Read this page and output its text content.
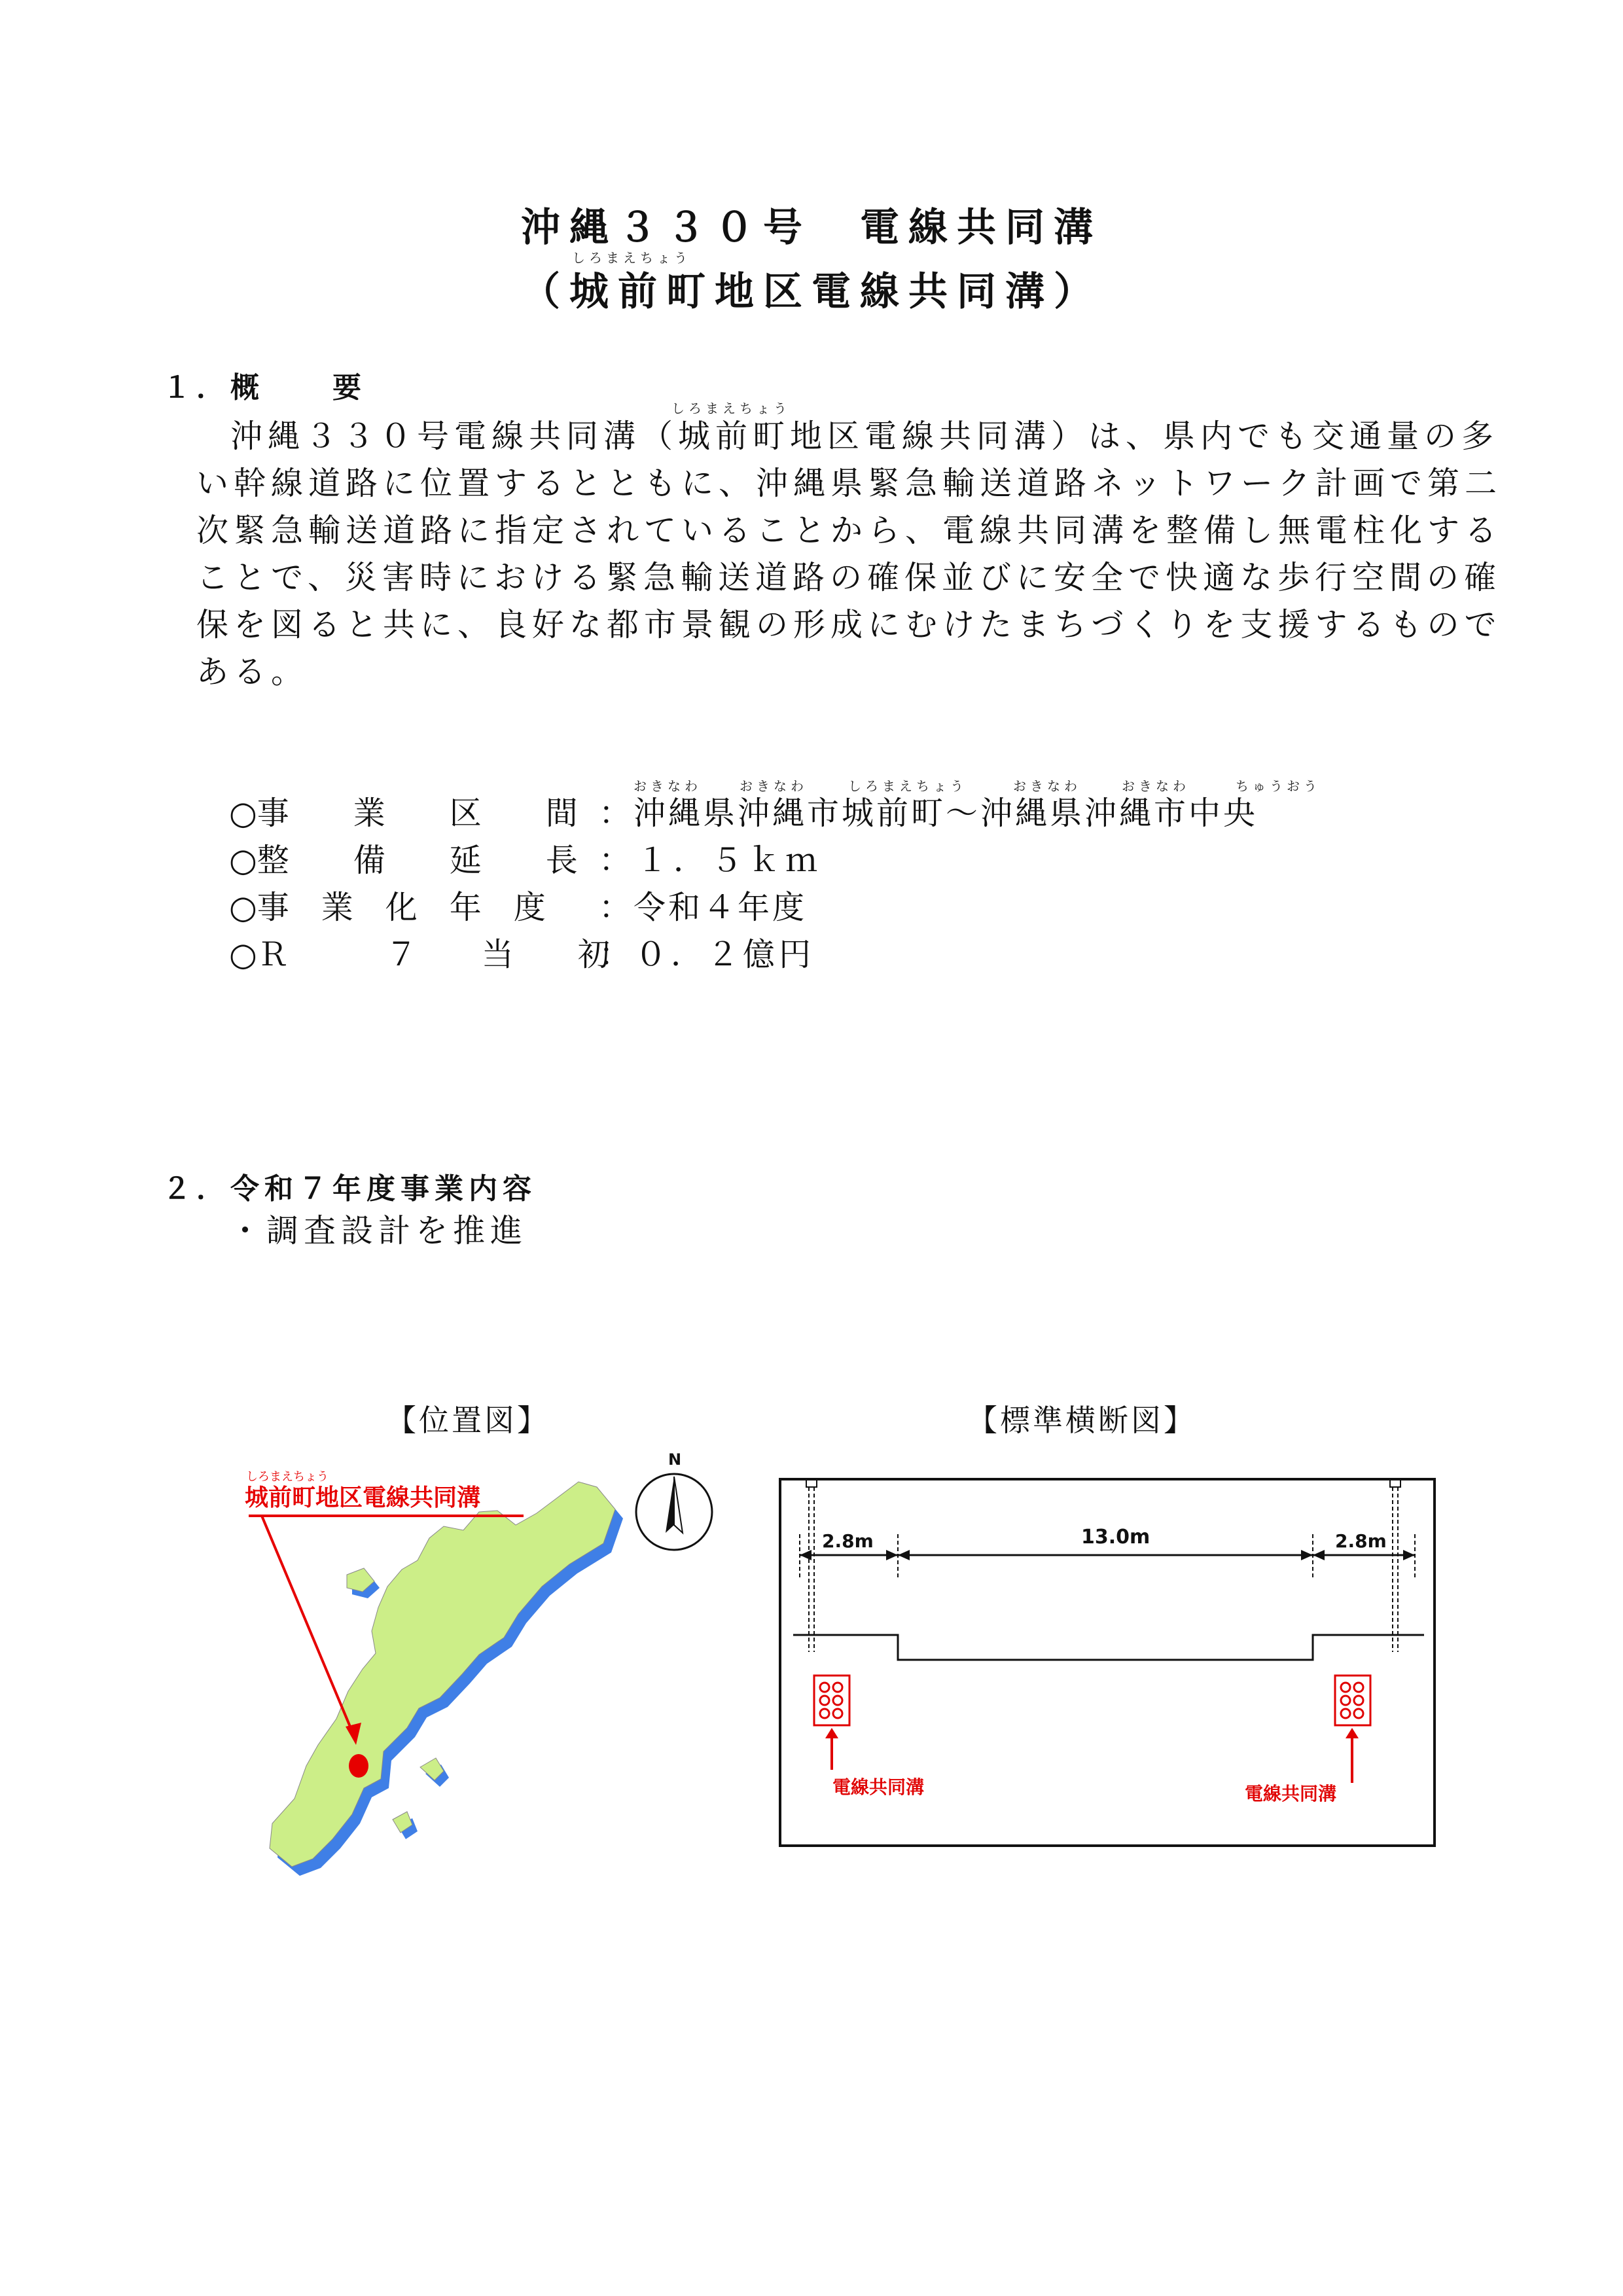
沖縄３３０号　電線共同溝
しろまえちょう
（城前町地区電線共同溝）
１．概　　要
しろまえちょう
沖縄３３０号電線共同溝（城前町地区電線共同溝）は、県内でも交通量の多
い幹線道路に位置するとともに、沖縄県緊急輸送道路ネットワーク計画で第二
次緊急輸送道路に指定されていることから、電線共同溝を整備し無電柱化する
ことで、災害時における緊急輸送道路の確保並びに安全で快適な歩行空間の確
保を図ると共に、良好な都市景観の形成にむけたまちづくりを支援するもので
ある。
おきなわ	おきなわ	しろまえちょう	おきなわ	おきなわ	ちゅうおう
○事　　業　　区　　間 ：沖縄県沖縄市城前町～沖縄県沖縄市中央
○整　　備　　延　　長 ：１．５ｋｍ
○事　業　化　年　度 ：令和４年度
○Ｒ　　　７　　当　　初：０．２億円
２．令和７年度事業内容
・調査設計を推進
【位置図】	【標準横断図】
しろまえちょう
城前町地区電線共同溝
N
2.8m	13.0m	2.8m
電線共同溝	電線共同溝
